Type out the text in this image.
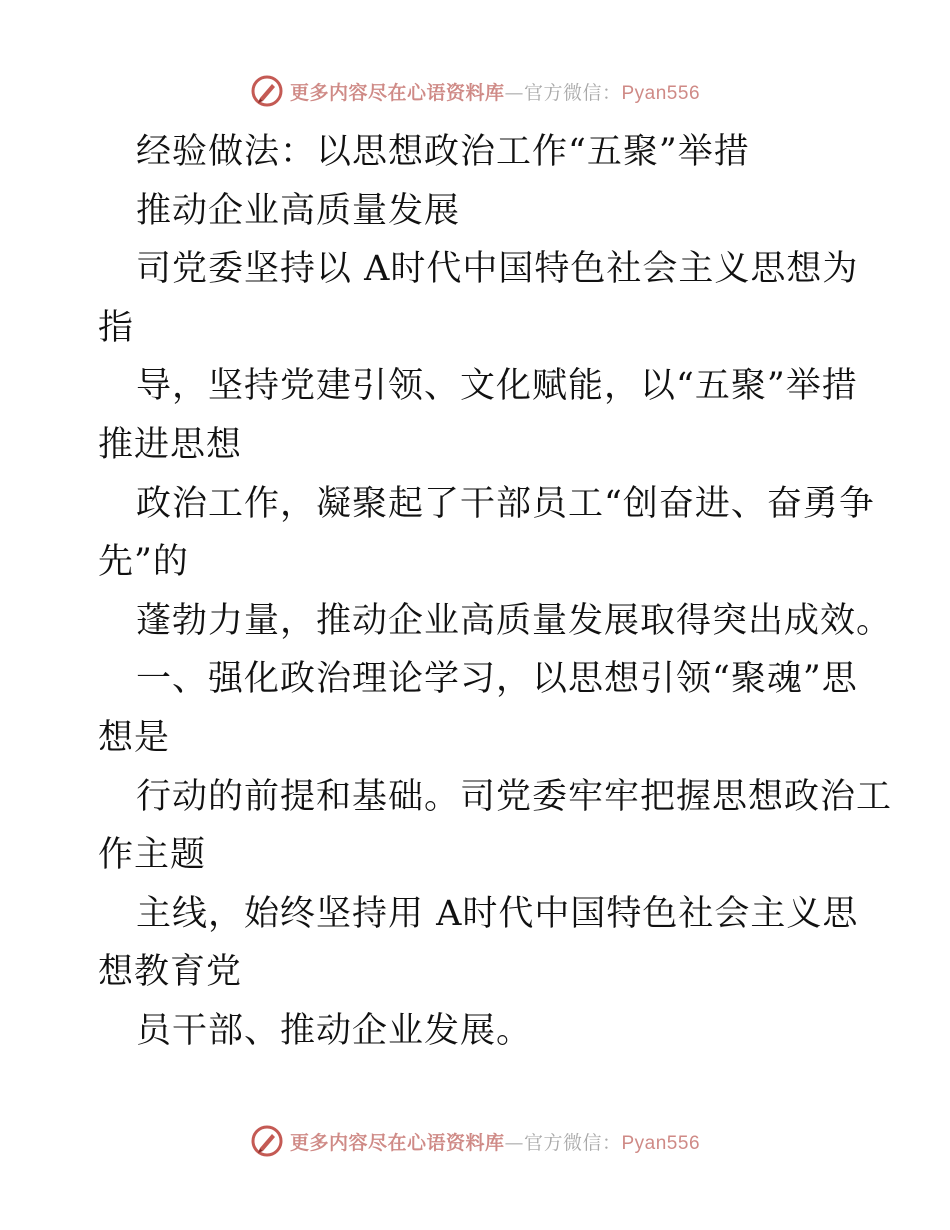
更多内容尽在心语资料库—官方微信：Pyan556

经验做法：以思想政治工作“五聚”举措

推动企业高质量发展

司党委坚持以 A时代中国特色社会主义思想为

指

导，坚持党建引领、文化赋能，以“五聚”举措

推进思想

政治工作，凝聚起了干部员工“创奋进、奋勇争

先”的

蓬勃力量，推动企业高质量发展取得突出成效。

一、强化政治理论学习，以思想引领“聚魂”思

想是

行动的前提和基础。司党委牢牢把握思想政治工

作主题

主线，始终坚持用 A时代中国特色社会主义思

想教育党

员干部、推动企业发展。

更多内容尽在心语资料库—官方微信：Pyan556
